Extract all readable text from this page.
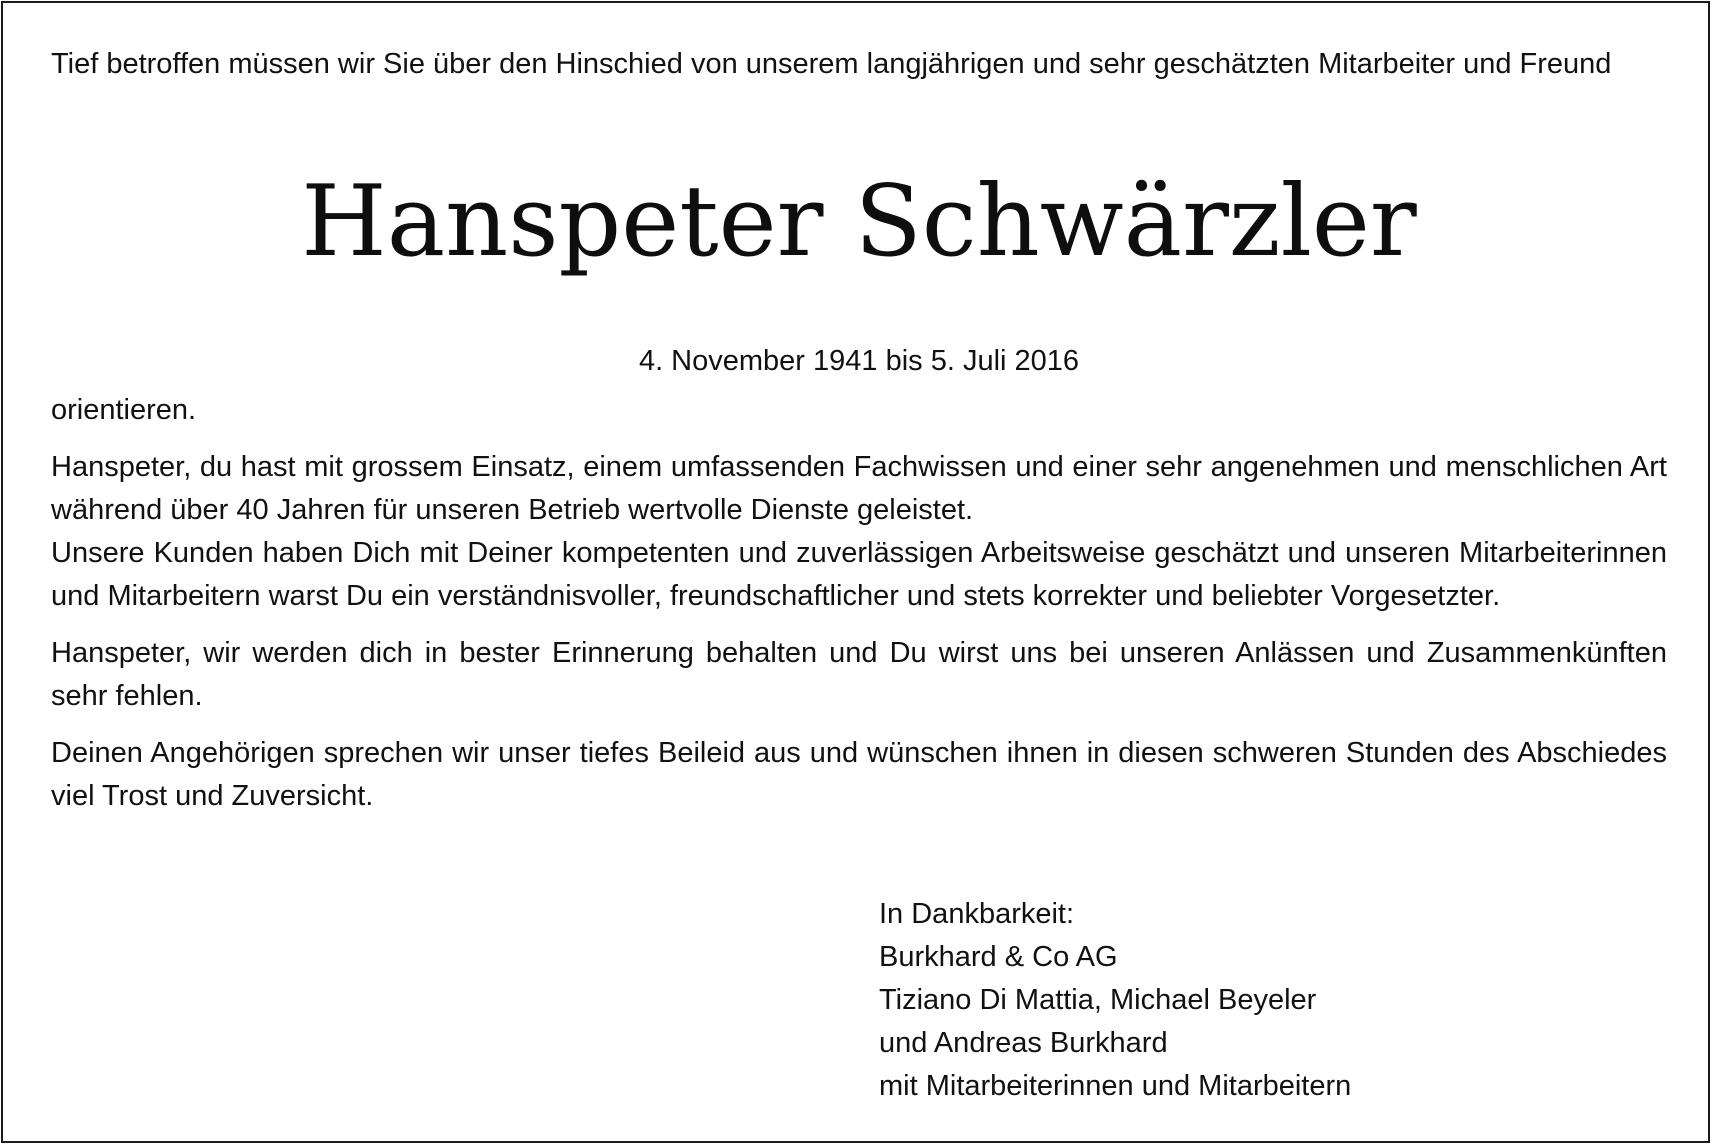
Tief betroffen müssen wir Sie über den Hinschied von unserem langjährigen und sehr geschätzten Mitarbeiter und Freund

Hanspeter Schwärzler
4. November 1941 bis 5. Juli 2016

orientieren.

Hanspeter, du hast mit grossem Einsatz, einem umfassenden Fachwissen und einer sehr angenehmen und menschlichen Art während über 40 Jahren für unseren Betrieb wertvolle Dienste geleistet.

Unsere Kunden haben Dich mit Deiner kompetenten und zuverlässigen Arbeitsweise geschätzt und unseren Mitarbeiterinnen und Mitarbeitern warst Du ein verständnisvoller, freundschaftlicher und stets korrekter und beliebter Vorgesetzter.

Hanspeter, wir werden dich in bester Erinnerung behalten und Du wirst uns bei unseren Anlässen und Zusammenkünften sehr fehlen.

Deinen Angehörigen sprechen wir unser tiefes Beileid aus und wünschen ihnen in diesen schweren Stunden des Abschiedes viel Trost und Zuversicht.

In Dankbarkeit:

Burkhard & Co AG

Tiziano Di Mattia, Michael Beyeler

und Andreas Burkhard

mit Mitarbeiterinnen und Mitarbeitern
